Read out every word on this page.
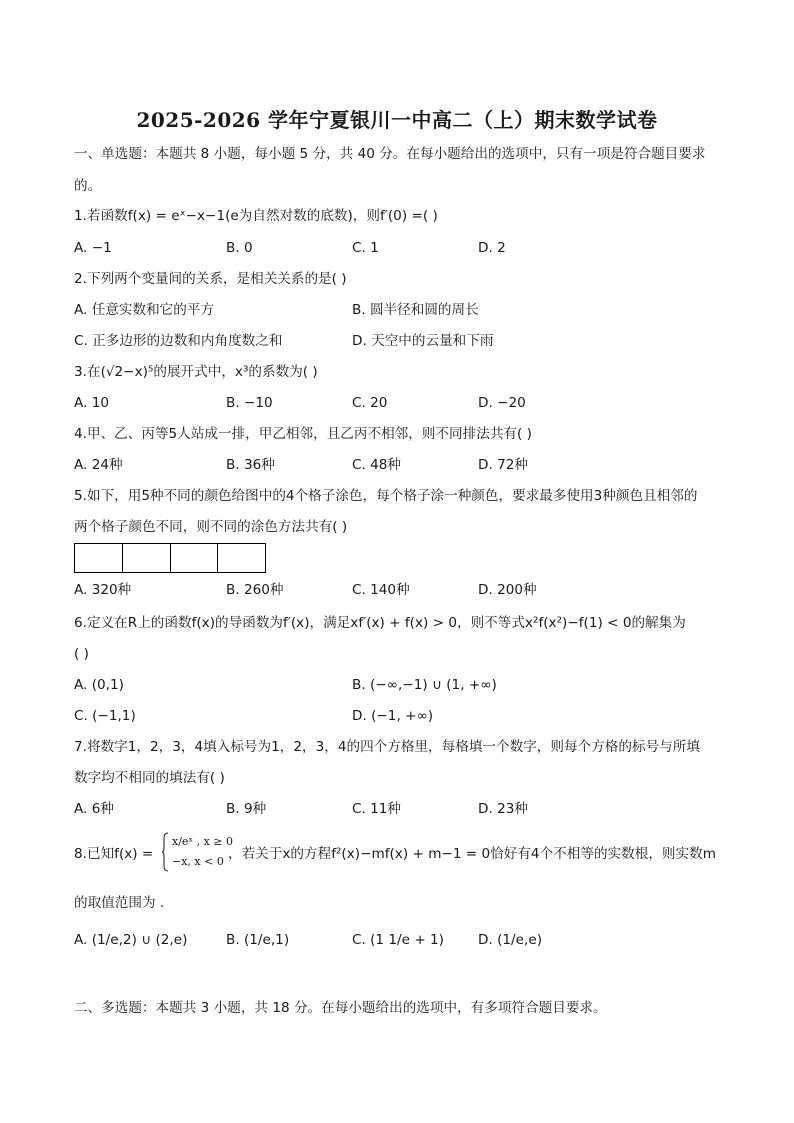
2025-2026 学年宁夏银川一中高二（上）期末数学试卷
一、单选题：本题共 8 小题，每小题 5 分，共 40 分。在每小题给出的选项中，只有一项是符合题目要求
的。
1.若函数f(x) = eˣ−x−1(e为自然对数的底数)，则f′(0) =( )
A. −1	B. 0	C. 1	D. 2
2.下列两个变量间的关系，是相关关系的是( )
A. 任意实数和它的平方	B. 圆半径和圆的周长
C. 正多边形的边数和内角度数之和	D. 天空中的云量和下雨
3.在(√2−x)⁵的展开式中，x³的系数为( )
A. 10	B. −10	C. 20	D. −20
4.甲、乙、丙等5人站成一排，甲乙相邻，且乙丙不相邻，则不同排法共有( )
A. 24种	B. 36种	C. 48种	D. 72种
5.如下，用5种不同的颜色给图中的4个格子涂色，每个格子涂一种颜色，要求最多使用3种颜色且相邻的
两个格子颜色不同，则不同的涂色方法共有( )
A. 320种	B. 260种	C. 140种	D. 200种
6.定义在R上的函数f(x)的导函数为f′(x)，满足xf′(x) + f(x) > 0，则不等式x²f(x²)−f(1) < 0的解集为
( )
A. (0,1)	B. (−∞,−1) ∪ (1, +∞)
C. (−1,1)	D. (−1, +∞)
7.将数字1，2，3，4填入标号为1，2，3，4的四个方格里，每格填一个数字，则每个方格的标号与所填
数字均不相同的填法有( )
A. 6种	B. 9种	C. 11种	D. 23种
8.已知f(x) =
x/eˣ , x ≥ 0
−x, x < 0 ，若关于x的方程f²(x)−mf(x) + m−1 = 0恰好有4个不相等的实数根，则实数m
的取值范围为 .
A. (1/e,2) ∪ (2,e)	B. (1/e,1)	C. (1 1/e + 1)	D. (1/e,e)
二、多选题：本题共 3 小题，共 18 分。在每小题给出的选项中，有多项符合题目要求。
